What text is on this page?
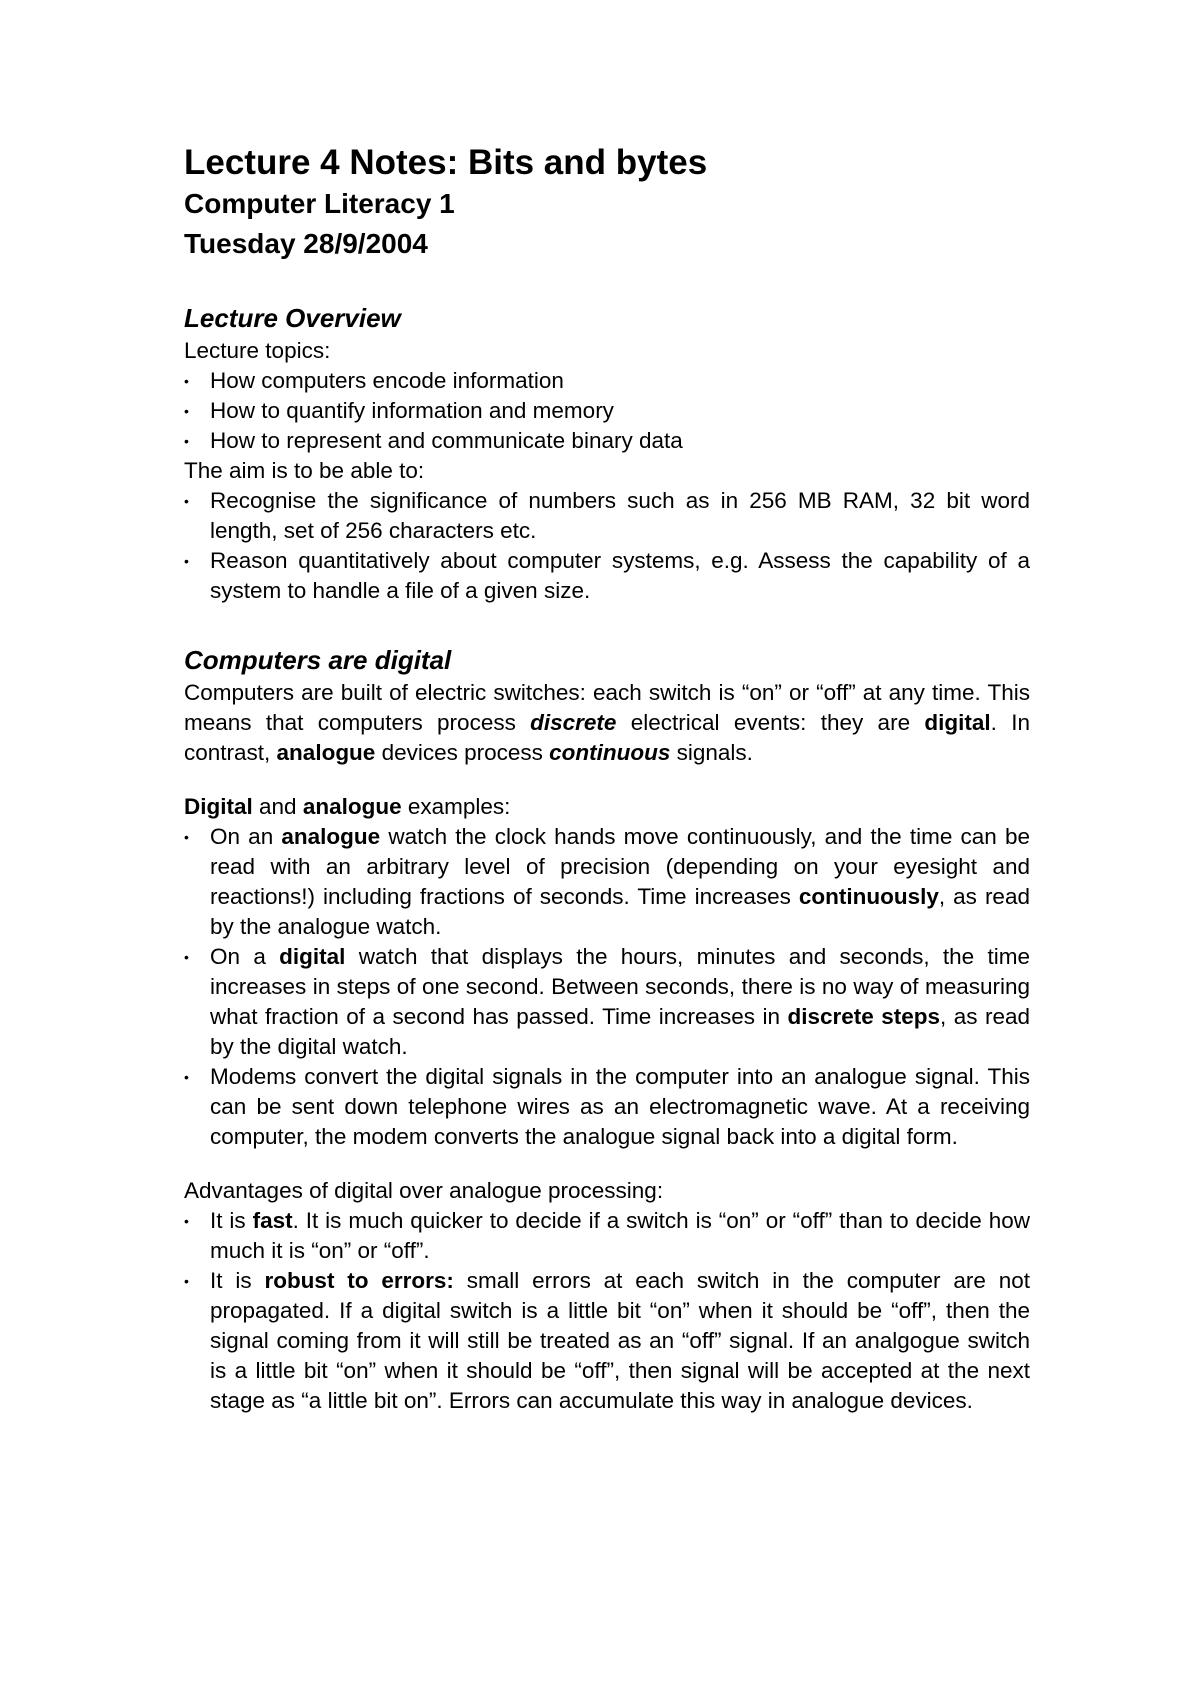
Lecture 4 Notes: Bits and bytes
Computer Literacy 1
Tuesday 28/9/2004
Lecture Overview

Lecture topics:

• How computers encode information
• How to quantify information and memory
• How to represent and communicate binary data

The aim is to be able to:

• Recognise the significance of numbers such as in 256 MB RAM, 32 bit word length, set of 256 characters etc.
• Reason quantitatively about computer systems, e.g. Assess the capability of a system to handle a file of a given size.
Computers are digital

Computers are built of electric switches: each switch is “on” or “off” at any time. This means that computers process discrete electrical events: they are digital. In contrast, analogue devices process continuous signals.

Digital and analogue examples:

• On an analogue watch the clock hands move continuously, and the time can be read with an arbitrary level of precision (depending on your eyesight and reactions!) including fractions of seconds. Time increases continuously, as read by the analogue watch.
• On a digital watch that displays the hours, minutes and seconds, the time increases in steps of one second. Between seconds, there is no way of measuring what fraction of a second has passed. Time increases in discrete steps, as read by the digital watch.
• Modems convert the digital signals in the computer into an analogue signal. This can be sent down telephone wires as an electromagnetic wave. At a receiving computer, the modem converts the analogue signal back into a digital form.

Advantages of digital over analogue processing:

• It is fast. It is much quicker to decide if a switch is “on” or “off” than to decide how much it is “on” or “off”.
• It is robust to errors: small errors at each switch in the computer are not propagated. If a digital switch is a little bit “on” when it should be “off”, then the signal coming from it will still be treated as an “off” signal. If an analgogue switch is a little bit “on” when it should be “off”, then signal will be accepted at the next stage as “a little bit on”. Errors can accumulate this way in analogue devices.
